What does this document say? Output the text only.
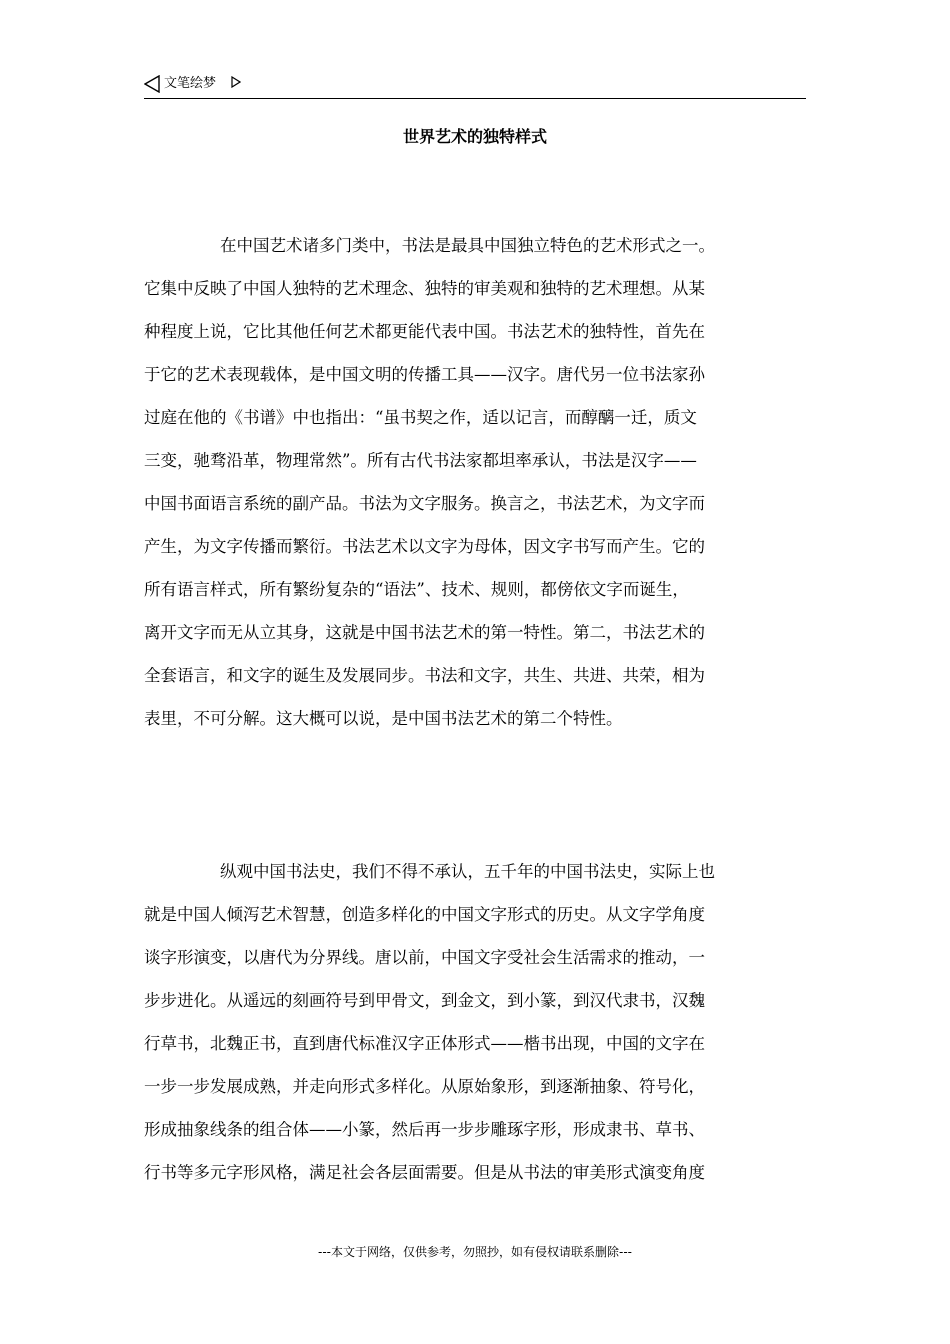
文笔绘梦
世界艺术的独特样式

在中国艺术诸多门类中，书法是最具中国独立特色的艺术形式之一。
它集中反映了中国人独特的艺术理念、独特的审美观和独特的艺术理想。从某
种程度上说，它比其他任何艺术都更能代表中国。书法艺术的独特性，首先在
于它的艺术表现载体，是中国文明的传播工具——汉字。唐代另一位书法家孙
过庭在他的《书谱》中也指出：“虽书契之作，适以记言，而醇醨一迁，质文
三变，驰骛沿革，物理常然”。所有古代书法家都坦率承认，书法是汉字——
中国书面语言系统的副产品。书法为文字服务。换言之，书法艺术，为文字而
产生，为文字传播而繁衍。书法艺术以文字为母体，因文字书写而产生。它的
所有语言样式，所有繁纷复杂的“语法”、技术、规则，都傍依文字而诞生，
离开文字而无从立其身，这就是中国书法艺术的第一特性。第二，书法艺术的
全套语言，和文字的诞生及发展同步。书法和文字，共生、共进、共荣，相为
表里，不可分解。这大概可以说，是中国书法艺术的第二个特性。

纵观中国书法史，我们不得不承认，五千年的中国书法史，实际上也
就是中国人倾泻艺术智慧，创造多样化的中国文字形式的历史。从文字学角度
谈字形演变，以唐代为分界线。唐以前，中国文字受社会生活需求的推动，一
步步进化。从遥远的刻画符号到甲骨文，到金文，到小篆，到汉代隶书，汉魏
行草书，北魏正书，直到唐代标准汉字正体形式——楷书出现，中国的文字在
一步一步发展成熟，并走向形式多样化。从原始象形，到逐渐抽象、符号化，
形成抽象线条的组合体——小篆，然后再一步步雕琢字形，形成隶书、草书、
行书等多元字形风格，满足社会各层面需要。但是从书法的审美形式演变角度

---本文于网络，仅供参考，勿照抄，如有侵权请联系删除---
